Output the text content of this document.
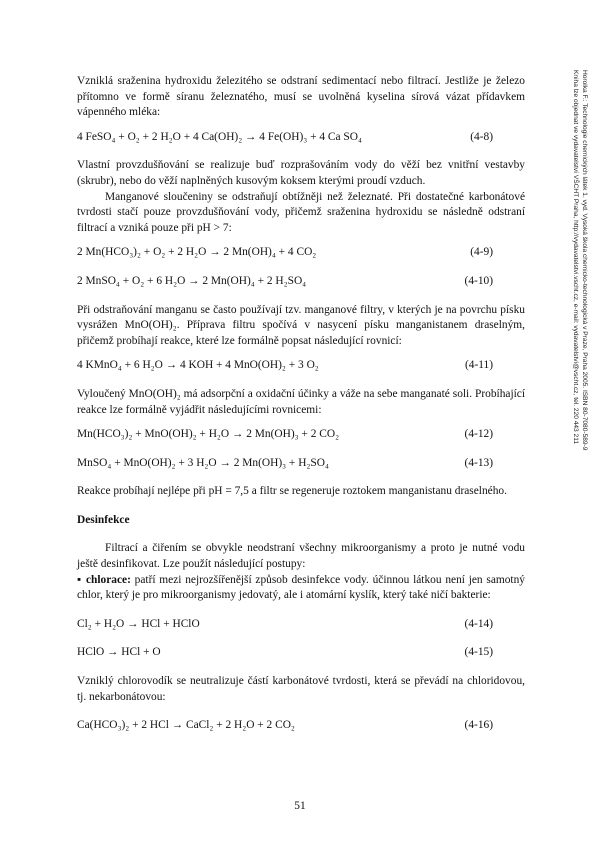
Vzniklá sraženina hydroxidu železitého se odstraní sedimentací nebo filtrací. Jestliže je železo přítomno ve formě síranu železnatého, musí se uvolněná kyselina sírová vázat přídavkem vápenného mléka:

4 FeSO₄ + O₂ + 2 H₂O + 4 Ca(OH)₂ → 4 Fe(OH)₃ + 4 Ca SO₄	(4-8)

Vlastní provzdušňování se realizuje buď rozprašováním vody do věží bez vnitřní vestavby (skrubr), nebo do věží naplněných kusovým koksem kterými proudí vzduch.

Manganové sloučeniny se odstraňují obtížněji než železnaté. Při dostatečné karbonátové tvrdosti stačí pouze provzdušňování vody, přičemž sraženina hydroxidu se následně odstraní filtrací a vzniká pouze při pH > 7:

2 Mn(HCO₃)₂ + O₂ + 2 H₂O → 2 Mn(OH)₄ + 4 CO₂	(4-9)
2 MnSO₄ + O₂ + 6 H₂O → 2 Mn(OH)₄ + 2 H₂SO₄	(4-10)

Při odstraňování manganu se často používají tzv. manganové filtry, v kterých je na povrchu písku vysrážen MnO(OH)₂. Příprava filtru spočívá v nasycení písku manganistanem draselným, přičemž probíhají reakce, které lze formálně popsat následující rovnicí:

4 KMnO₄ + 6 H₂O → 4 KOH + 4 MnO(OH)₂ + 3 O₂	(4-11)

Vyloučený MnO(OH)₂ má adsorpční a oxidační účinky a váže na sebe manganaté soli. Probíhající reakce lze formálně vyjádřit následujícími rovnicemi:

Mn(HCO₃)₂ + MnO(OH)₂ + H₂O → 2 Mn(OH)₃ + 2 CO₂	(4-12)
MnSO₄ + MnO(OH)₂ + 3 H₂O → 2 Mn(OH)₃ + H₂SO₄	(4-13)

Reakce probíhají nejlépe při pH = 7,5 a filtr se regeneruje roztokem manganistanu draselného.

Desinfekce

Filtrací a čiřením se obvykle neodstraní všechny mikroorganismy a proto je nutné vodu ještě desinfikovat. Lze použít následující postupy:

▪ chlorace: patří mezi nejrozšířenější způsob desinfekce vody. účinnou látkou není jen samotný chlor, který je pro mikroorganismy jedovatý, ale i atomární kyslík, který také ničí bakterie:

Cl₂ + H₂O → HCl + HClO	(4-14)
HClO → HCl + O	(4-15)

Vzniklý chlorovodík se neutralizuje částí karbonátové tvrdosti, která se převádí na chloridovou, tj. nekarbonátovou:

Ca(HCO₃)₂ + 2 HCl → CaCl₂ + 2 H₂O + 2 CO₂	(4-16)
Horolka F.: Technologie chemických látek 1. vyd. Vysoká škola chemicko-technologická v Praze, Praha 2005. ISBN 80-7080-589-9
Kniha lze objednat ve vydavatelství VŠCHT Praha, http://vydavatelstvi.vscht.cz, e-mail: vydavatelstvi@vscht.cz, tel. 220 443 211
51
